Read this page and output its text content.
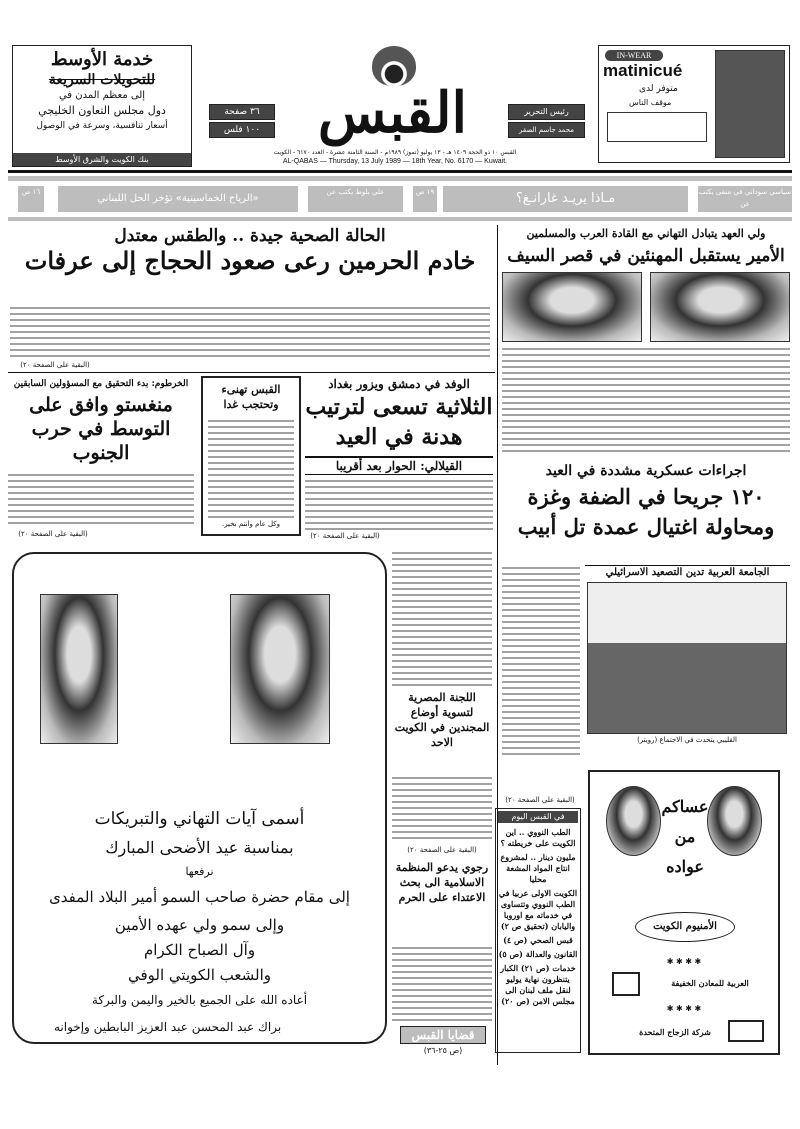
خدمة الأوسط
للتحويلات السريعة
إلى معظم المدن في
دول مجلس التعاون الخليجي
أسعار تنافسية، وسرعة في الوصول
بنك الكويت والشرق الأوسط
٣٦ صفحة
١٠٠ فلس	القبس	رئيس التحرير
محمد جاسم الصقر
القبس ١٠ ذو الحجة ١٤٠٩ هـ - ١٣ يوليو (تموز) ١٩٨٩م - السنة الثامنة عشرة - العدد ٦١٧٠ - الكويت
AL-QABAS — Thursday, 13 July 1989 — 18th Year, No. 6170 — Kuwait.
IN-WEAR
matinicué
متوفر لدى
موقف الناس
سياسي سوداني في منفى يكتب عن
مـاذا يريـد غارانـغ؟
١٩ ص
علي بلوط يكتب عن
«الرياح الخماسينية» تؤخر الحل اللبناني
١٦ ص
الحالة الصحية جيدة .. والطقس معتدل
خادم الحرمين رعى صعود الحجاج إلى عرفات
(البقية على الصفحة ٢٠)
الخرطوم: بدء التحقيق مع المسؤولين السابقين
منغستو وافق على التوسط في حرب الجنوب
(البقية على الصفحة ٢٠)
القبس تهنىء وتحتجب غدا
وكل عام وانتم بخير.
الوفد في دمشق ويزور بغداد
الثلاثية تسعى لترتيب هدنة في العيد
القيلالي: الحوار بعد أقريبا
(البقية على الصفحة ٢٠)
ولي العهد يتبادل التهاني مع القادة العرب والمسلمين
الأمير يستقبل المهنئين في قصر السيف
اجراءات عسكرية مشددة في العيد
١٢٠ جريحا في الضفة وغزة ومحاولة اغتيال عمدة تل أبيب
الجامعة العربية تدين التصعيد الاسرائيلي
القليبي يتحدث في الاجتماع (رويتر)
(البقية على الصفحة ٢٠)
اللجنة المصرية لتسوية أوضاع المجندين في الكويت الاحد
(البقية على الصفحة ٢٠)
رجوي يدعو المنظمة الاسلامية الى بحث الاعتداء على الحرم
قضايا القبس
(ص ٢٥-٣٦)
في القبس اليوم
الطب النووي .. اين الكويت على خريطته ؟
مليون دينار .. لمشروع انتاج المواد المشعة محليا
الكويت الاولى عربيا في الطب النووي وتتساوى في خدماته مع اوروبا واليابان (تحقيق ص ٢)
قبس الصحي (ص ٤)
القانون والعدالة (ص ٥)
خدمات (ص ٢١) الكبار يتنظرون نهاية يوليو لنقل ملف لبنان الى مجلس الامن (ص ٢٠)
عساكم من عواده
الأمنيوم الكويت
✱ ✱ ✱ ✱
العربية للمعادن الخفيفة
✱ ✱ ✱ ✱
شركة الزجاج المتحدة
أسمى آيات التهاني والتبريكات
بمناسبة عيد الأضحى المبارك
نرفعها
إلى مقام حضرة صاحب السمو أمير البلاد المفدى
وإلى سمو ولي عهده الأمين
وآل الصباح الكرام
والشعب الكويتي الوفي
أعاده الله على الجميع بالخير واليمن والبركة
براك عبد المحسن عبد العزيز البابطين وإخوانه
